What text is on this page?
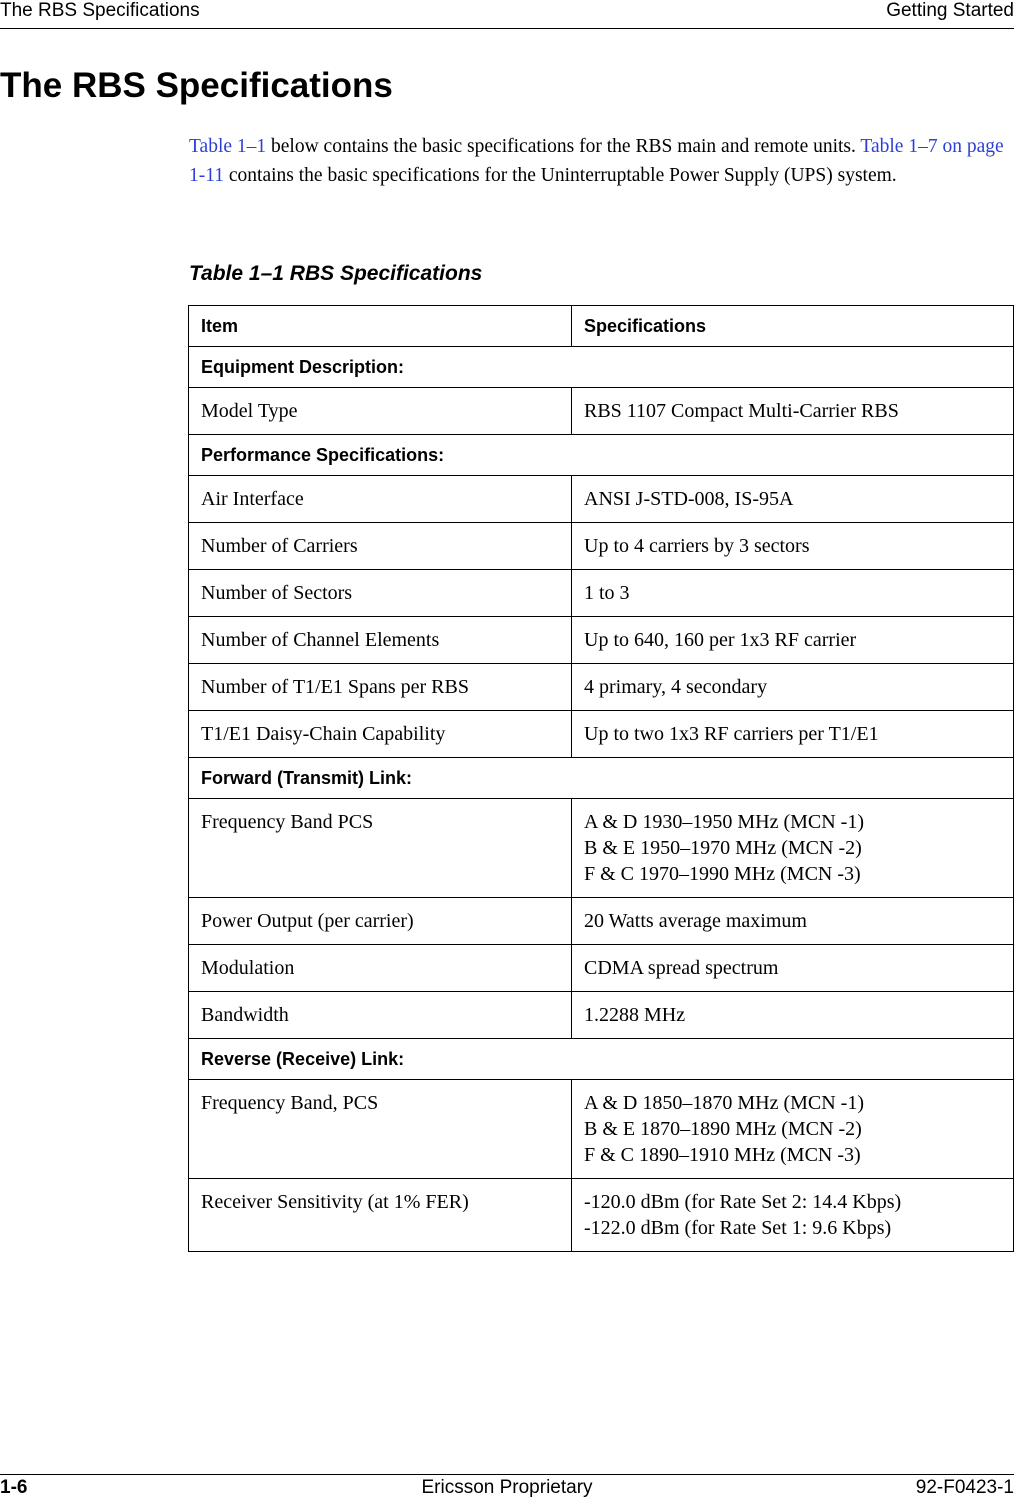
The RBS Specifications	Getting Started
The RBS Specifications

Table 1–1 below contains the basic specifications for the RBS main and remote units. Table 1–7 on page 1-11 contains the basic specifications for the Uninterruptable Power Supply (UPS) system.

Table 1–1 RBS Specifications

Item	Specifications
Equipment Description:	
Model Type	RBS 1107 Compact Multi-Carrier RBS

Performance Specifications:	
Air Interface	ANSI J-STD-008, IS-95A

Number of Carriers	Up to 4 carriers by 3 sectors

Number of Sectors	1 to 3

Number of Channel Elements	Up to 640, 160 per 1x3 RF carrier

Number of T1/E1 Spans per RBS	4 primary, 4 secondary

T1/E1 Daisy-Chain Capability	Up to two 1x3 RF carriers per T1/E1

Forward (Transmit) Link:	
Frequency Band PCS	A & D 1930–1950 MHz (MCN -1)
B & E 1950–1970 MHz (MCN -2)
F & C 1970–1990 MHz (MCN -3)

Power Output (per carrier)	20 Watts average maximum

Modulation	CDMA spread spectrum

Bandwidth	1.2288 MHz

Reverse (Receive) Link:	
Frequency Band, PCS	A & D 1850–1870 MHz (MCN -1)
B & E 1870–1890 MHz (MCN -2)
F & C 1890–1910 MHz (MCN -3)

Receiver Sensitivity (at 1% FER)	-120.0 dBm (for Rate Set 2: 14.4 Kbps)
-122.0 dBm (for Rate Set 1: 9.6 Kbps)
1-6	Ericsson Proprietary	92-F0423-1
